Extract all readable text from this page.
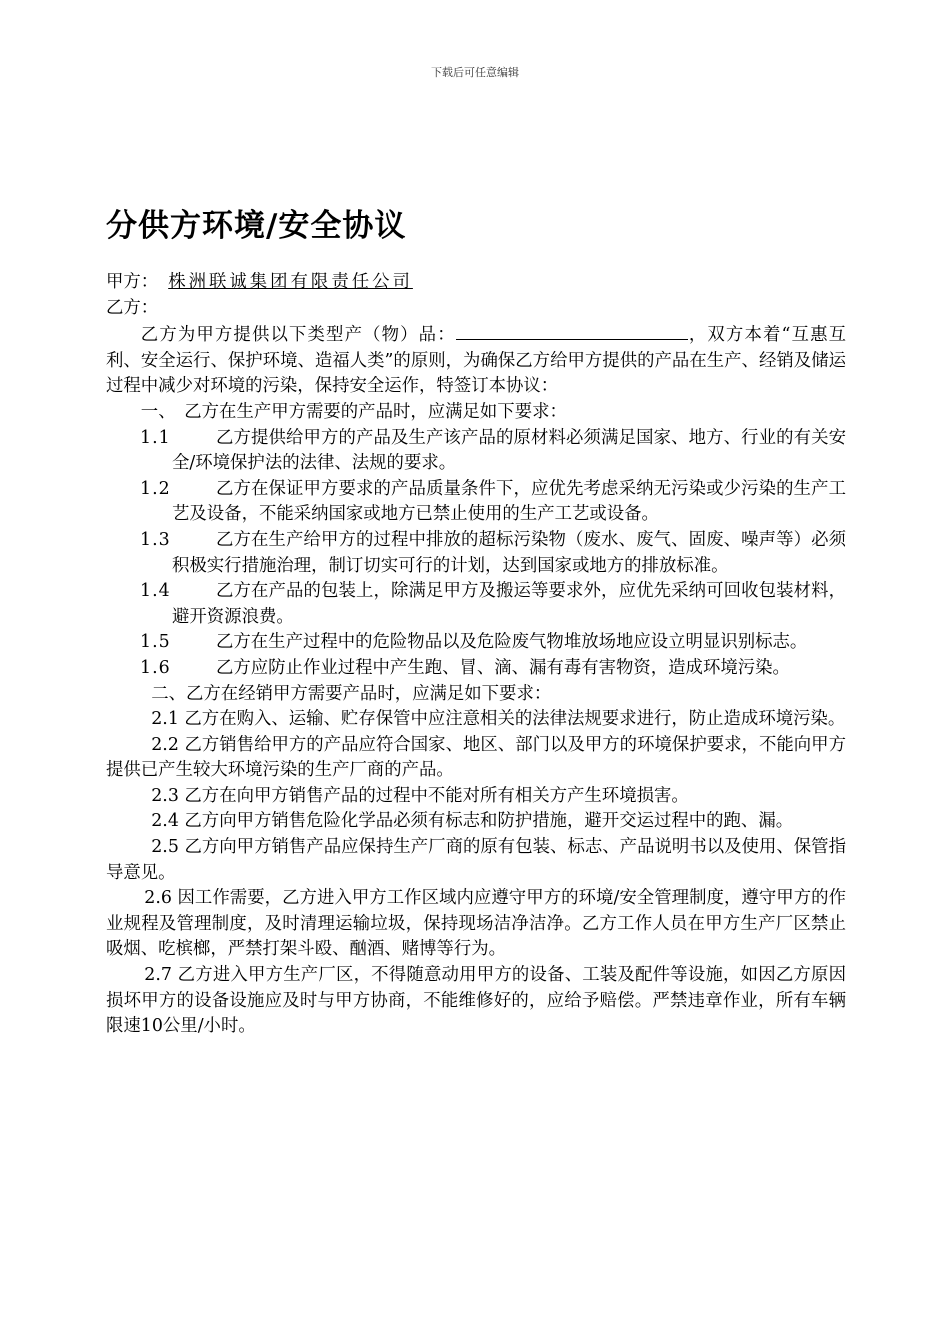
下载后可任意编辑
分供方环境/安全协议

甲方： 株洲联诚集团有限责任公司

乙方：

乙方为甲方提供以下类型产（物）品：	，双方本着“互惠互利、安全运行、保护环境、造福人类”的原则，为确保乙方给甲方提供的产品在生产、经销及储运过程中减少对环境的污染，保持安全运作，特签订本协议：

一、　乙方在生产甲方需要的产品时，应满足如下要求：

1.1	乙方提供给甲方的产品及生产该产品的原材料必须满足国家、地方、行业的有关安全/环境保护法的法律、法规的要求。

1.2	乙方在保证甲方要求的产品质量条件下，应优先考虑采纳无污染或少污染的生产工艺及设备，不能采纳国家或地方已禁止使用的生产工艺或设备。

1.3	乙方在生产给甲方的过程中排放的超标污染物（废水、废气、固废、噪声等）必须积极实行措施治理，制订切实可行的计划，达到国家或地方的排放标准。

1.4	乙方在产品的包装上，除满足甲方及搬运等要求外，应优先采纳可回收包装材料，避开资源浪费。

1.5	乙方在生产过程中的危险物品以及危险废气物堆放场地应设立明显识别标志。

1.6	乙方应防止作业过程中产生跑、冒、滴、漏有毒有害物资，造成环境污染。

二、乙方在经销甲方需要产品时，应满足如下要求：

2.1 乙方在购入、运输、贮存保管中应注意相关的法律法规要求进行，防止造成环境污染。

2.2 乙方销售给甲方的产品应符合国家、地区、部门以及甲方的环境保护要求，不能向甲方提供已产生较大环境污染的生产厂商的产品。

2.3 乙方在向甲方销售产品的过程中不能对所有相关方产生环境损害。

2.4 乙方向甲方销售危险化学品必须有标志和防护措施，避开交运过程中的跑、漏。

2.5 乙方向甲方销售产品应保持生产厂商的原有包装、标志、产品说明书以及使用、保管指导意见。

2.6 因工作需要，乙方进入甲方工作区域内应遵守甲方的环境/安全管理制度，遵守甲方的作业规程及管理制度，及时清理运输垃圾，保持现场洁净洁净。乙方工作人员在甲方生产厂区禁止吸烟、吃槟榔，严禁打架斗殴、酗酒、赌博等行为。

2.7 乙方进入甲方生产厂区，不得随意动用甲方的设备、工装及配件等设施，如因乙方原因损坏甲方的设备设施应及时与甲方协商，不能维修好的，应给予赔偿。严禁违章作业，所有车辆限速10公里/小时。
